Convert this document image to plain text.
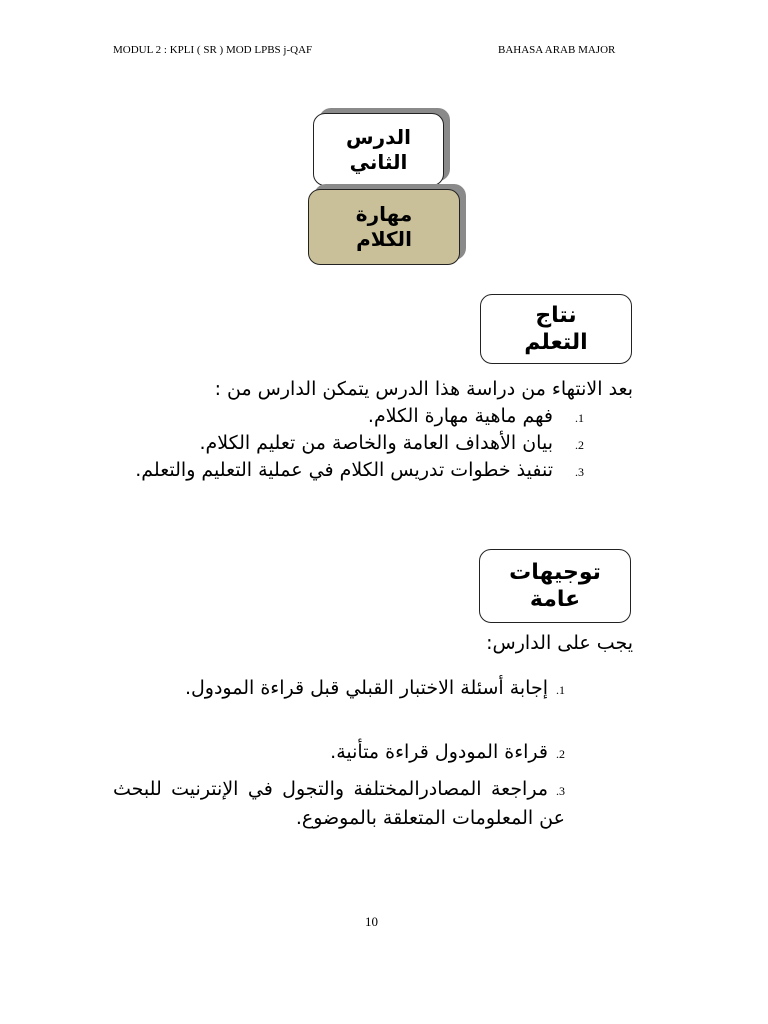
MODUL 2 : KPLI ( SR ) MOD LPBS j-QAF	BAHASA ARAB MAJOR
الدرس
الثاني
مهارة
الكلام
نتاج
التعلم
بعد الانتهاء من دراسة هذا الدرس يتمكن الدارس من :
1.فهم ماهية مهارة الكلام.
2.بيان الأهداف العامة والخاصة من تعليم الكلام.
3.تنفيذ خطوات تدريس الكلام في عملية التعليم والتعلم.
توجيهات
عامة
يجب على الدارس:
1.إجابة أسئلة الاختبار القبلي قبل قراءة المودول.
2.قراءة المودول قراءة متأنية.
3.مراجعة المصادرالمختلفة والتجول في الإنترنيت للبحث عن المعلومات المتعلقة بالموضوع.
10
